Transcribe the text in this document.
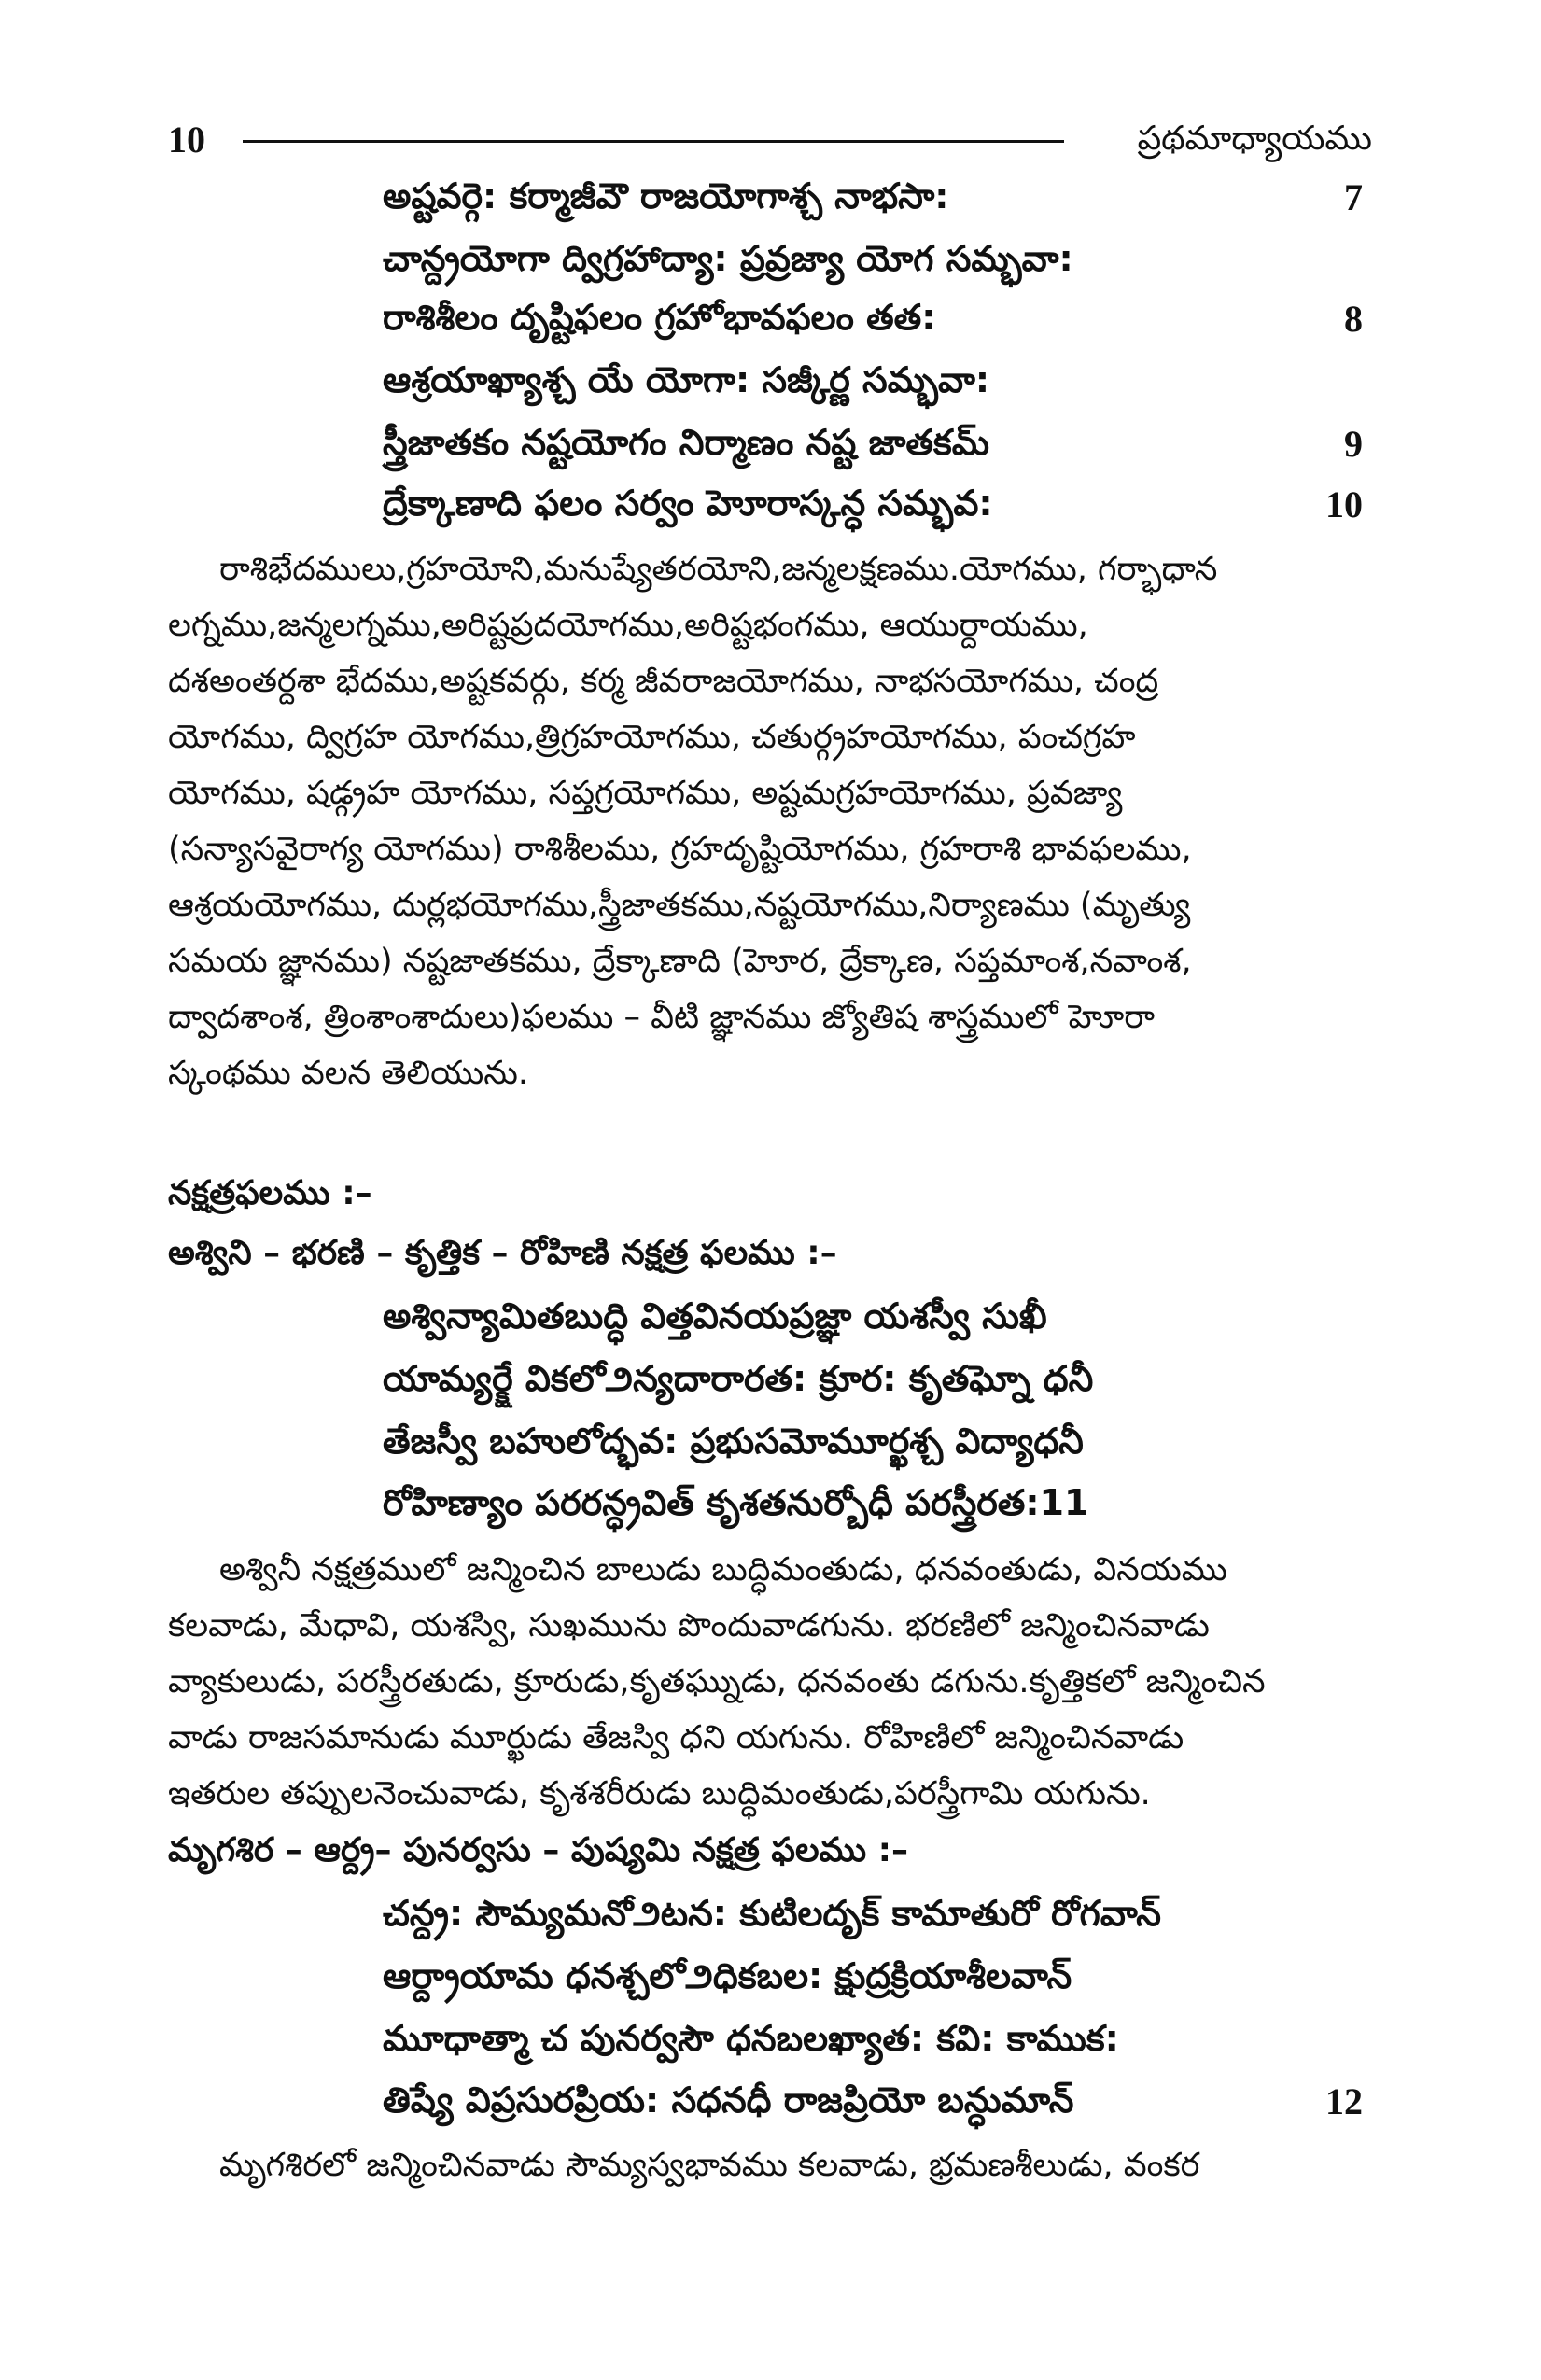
10	ప్రథమాధ్యాయము
అష్టవర్గె: కర్మాజీవౌ రాజయోగాశ్చ నాభసా:	7
చాన్ద్రయోగా ద్విగ్రహాద్యా: ప్రవ్రజ్యా యోగ సమ్భవా:
రాశిశీలం దృష్టిఫలం గ్రహోభావఫలం తత:	8
ఆశ్రయాఖ్యాశ్చ యే యోగా: సజ్కీర్ణ సమ్భవా:
స్త్రీజాతకం నష్టయోగం నిర్మాణం నష్ట జాతకమ్	9
ద్రేక్కాణాది ఫలం సర్వం హెూరాస్కన్ధ సమ్భవ:	10
రాశిభేదములు,గ్రహయోని,మనుష్యేతరయోని,జన్మలక్షణము.యోగము, గర్భాధాన
లగ్నము,జన్మలగ్నము,అరిష్టప్రదయోగము,అరిష్టభంగము, ఆయుర్దాయము,
దశఅంతర్దశా భేదము,అష్టకవర్గు, కర్మ జీవరాజయోగము, నాభసయోగము, చంద్ర
యోగము, ద్విగ్రహ యోగము,త్రిగ్రహయోగము, చతుర్గ్రహయోగము, పంచగ్రహ
యోగము, షడ్గ్రహ యోగము, సప్తగ్రయోగము, అష్టమగ్రహయోగము, ప్రవజ్యా
(సన్యాసవైరాగ్య యోగము) రాశిశీలము, గ్రహదృష్టియోగము, గ్రహరాశి భావఫలము,
ఆశ్రయయోగము, దుర్లభయోగము,స్త్రీజాతకము,నష్టయోగము,నిర్యాణము (మృత్యు
సమయ జ్ఞానము) నష్టజాతకము, ద్రేక్కాణాది (హెూర, ద్రేక్కాణ, సప్తమాంశ,నవాంశ,
ద్వాదశాంశ, త్రింశాంశాదులు)ఫలము – వీటి జ్ఞానము జ్యోతిష శాస్త్రములో హెూరా
స్కంథము వలన తెలియును.
నక్షత్రఫలము :–
అశ్విని – భరణి – కృత్తిక – రోహిణి నక్షత్ర ఫలము :–
అశ్విన్యామితబుద్ధి విత్తవినయప్రజ్ఞా యశస్వీ సుఖీ
యామ్యర్క్షే వికలో౨న్యదారారత: క్రూర: కృతఘ్నో ధనీ
తేజస్వీ బహులోద్భవ: ప్రభుసమోమూర్ఖశ్చ విద్యాధనీ
రోహిణ్యాం పరరన్ధ్రవిత్ కృశతనుర్బోధీ పరస్త్రీరత:11
అశ్వినీ నక్షత్రములో జన్మించిన బాలుడు బుద్ధిమంతుడు, ధనవంతుడు, వినయము
కలవాడు, మేధావి, యశస్వి, సుఖమును పొందువాడగును. భరణిలో జన్మించినవాడు
వ్యాకులుడు, పరస్త్రీరతుడు, క్రూరుడు,కృతఘ్నుడు, ధనవంతు డగును.కృత్తికలో జన్మించిన
వాడు రాజసమానుడు మూర్ఖుడు తేజస్వి ధని యగును. రోహిణిలో జన్మించినవాడు
ఇతరుల తప్పులనెంచువాడు, కృశశరీరుడు బుద్ధిమంతుడు,పరస్త్రీగామి యగును.
మృగశిర – ఆర్ద్ర– పునర్వసు – పుష్యమి నక్షత్ర ఫలము :–
చన్ద్ర: సౌమ్యమనో౨టన: కుటిలదృక్ కామాతురో రోగవాన్
ఆర్ద్రాయామ ధనశ్చలో౨ధికబల: క్షుద్రక్రియాశీలవాన్
మూధాత్మా చ పునర్వసౌ ధనబలఖ్యాత: కవి: కాముక:
తిష్యే విప్రసురప్రియ: సధనధీ రాజప్రియో బన్ధుమాన్	12
మృగశిరలో జన్మించినవాడు సౌమ్యస్వభావము కలవాడు, భ్రమణశీలుడు, వంకర
